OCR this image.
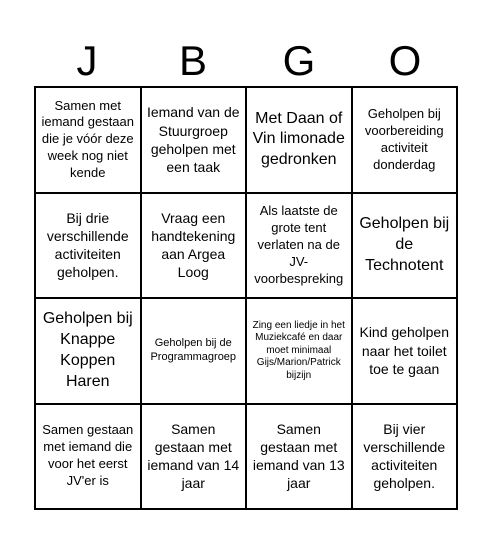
J	B	G	O
Samen met iemand gestaan die je vóór deze week nog niet kende
Iemand van de Stuurgroep geholpen met een taak
Met Daan of Vin limonade gedronken
Geholpen bij voorbereiding activiteit donderdag
Bij drie verschillende activiteiten geholpen.
Vraag een handtekening aan Argea Loog
Als laatste de grote tent verlaten na de JV-voorbespreking
Geholpen bij de Technotent
Geholpen bij Knappe Koppen Haren
Geholpen bij de Programmagroep
Zing een liedje in het Muziekcafé en daar moet minimaal Gijs/Marion/Patrick bijzijn
Kind geholpen naar het toilet toe te gaan
Samen gestaan met iemand die voor het eerst JV'er is
Samen gestaan met iemand van 14 jaar
Samen gestaan met iemand van 13 jaar
Bij vier verschillende activiteiten geholpen.
